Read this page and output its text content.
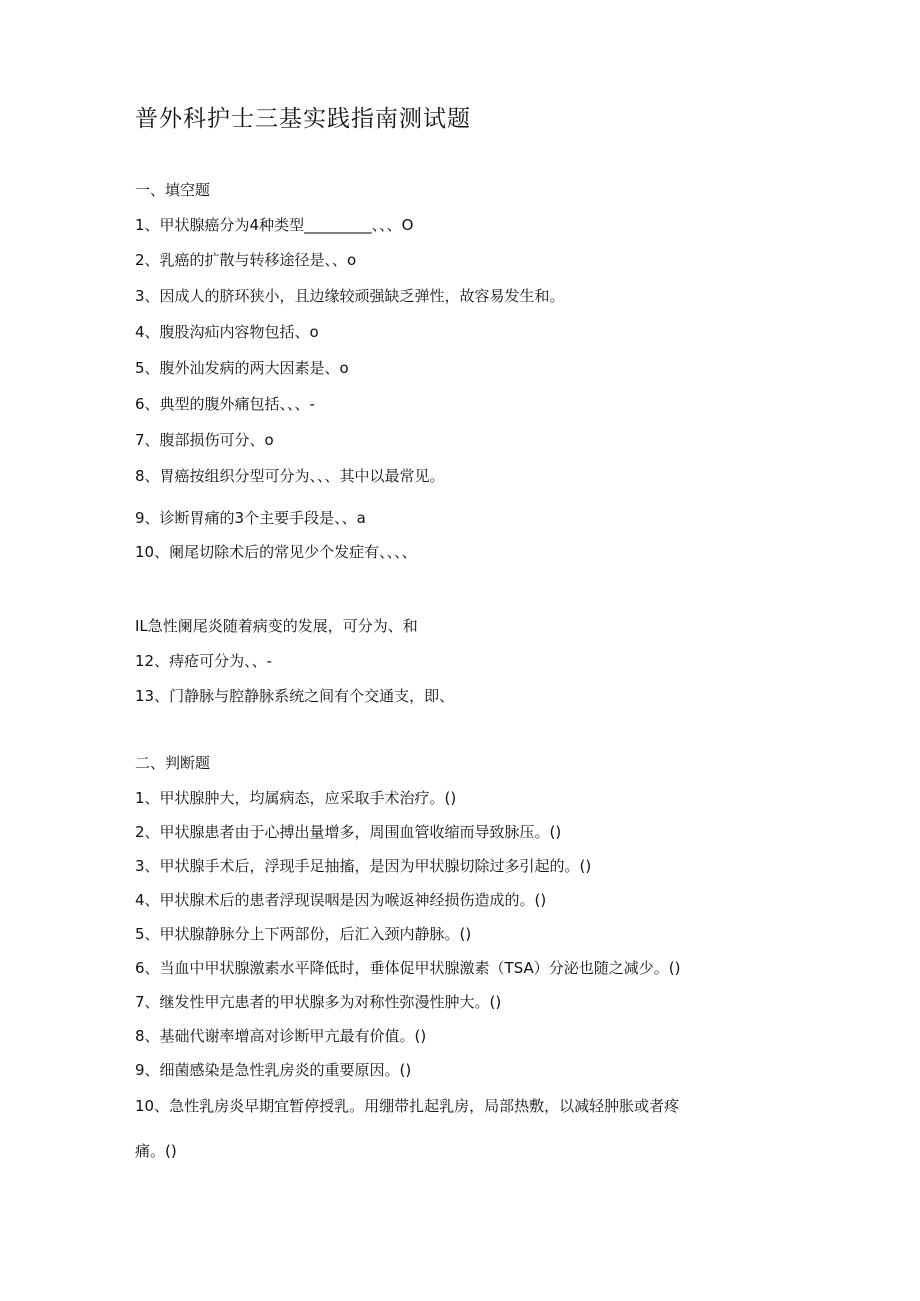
普外科护士三基实践指南测试题
一、填空题
1、甲状腺癌分为4种类型_________、、、O
2、乳癌的扩散与转移途径是、、o
3、因成人的脐环狭小，且边缘较顽强缺乏弹性，故容易发生和。
4、腹股沟疝内容物包括、o
5、腹外汕发病的两大因素是、o
6、典型的腹外痛包括、、、-
7、腹部损伤可分、o
8、胃癌按组织分型可分为、、、其中以最常见。
9、诊断胃痛的3个主要手段是、、a
10、阑尾切除术后的常见少个发症有、、、、
IL急性阑尾炎随着病变的发展，可分为、和
12、痔疮可分为、、-
13、门静脉与腔静脉系统之间有个交通支，即、
二、判断题
1、甲状腺肿大，均属病态，应采取手术治疗。()
2、甲状腺患者由于心搏出量增多，周围血管收缩而导致脉压。()
3、甲状腺手术后，浮现手足抽搐，是因为甲状腺切除过多引起的。()
4、甲状腺术后的患者浮现误咽是因为喉返神经损伤造成的。()
5、甲状腺静脉分上下两部份，后汇入颈内静脉。()
6、当血中甲状腺激素水平降低时，垂体促甲状腺激素（TSA）分泌也随之减少。()
7、继发性甲亢患者的甲状腺多为对称性弥漫性肿大。()
8、基础代谢率增高对诊断甲亢最有价值。()
9、细菌感染是急性乳房炎的重要原因。()
10、急性乳房炎早期宜暂停授乳。用绷带扎起乳房，局部热敷，以减轻肿胀或者疼
痛。()
